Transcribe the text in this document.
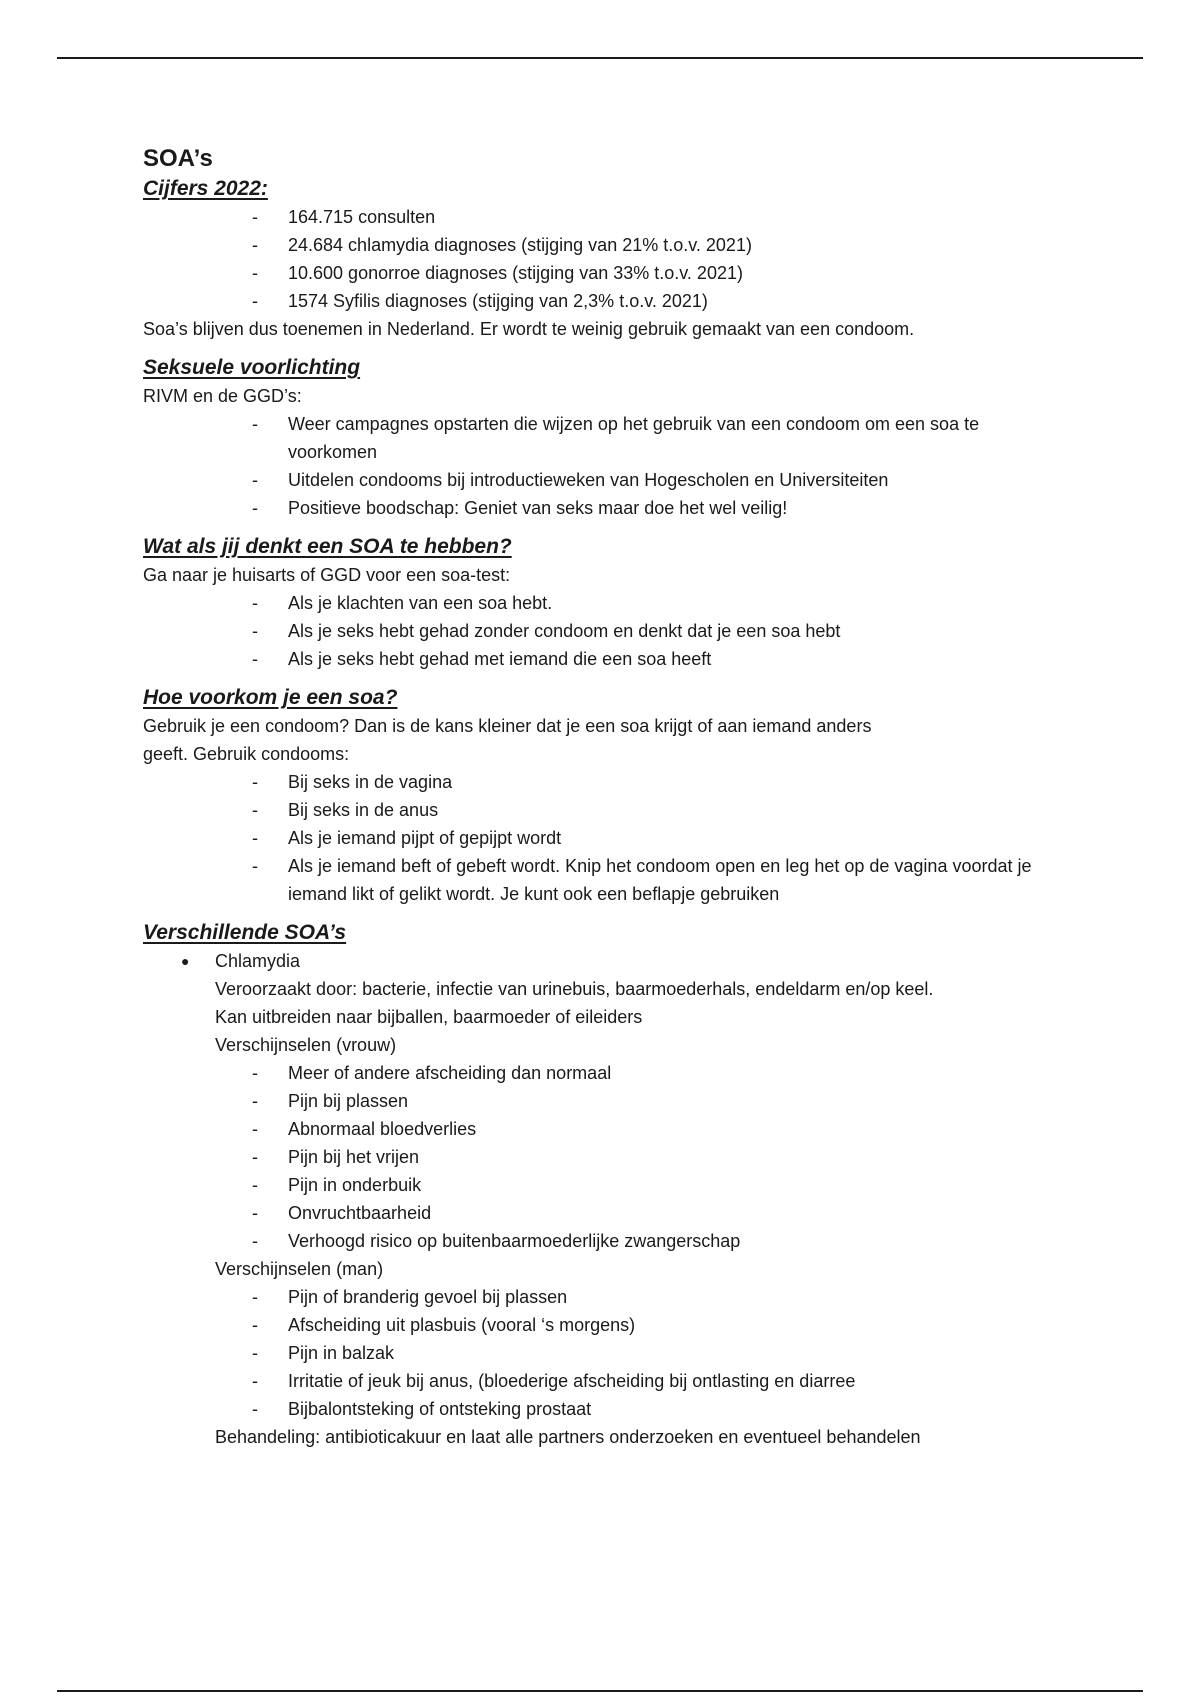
SOA’s
Cijfers 2022:
- 164.715 consulten
- 24.684 chlamydia diagnoses (stijging van 21% t.o.v. 2021)
- 10.600 gonorroe diagnoses (stijging van 33% t.o.v. 2021)
- 1574 Syfilis diagnoses (stijging van 2,3% t.o.v. 2021)

Soa’s blijven dus toenemen in Nederland. Er wordt te weinig gebruik gemaakt van een condoom.

Seksuele voorlichting

RIVM en de GGD’s:

- Weer campagnes opstarten die wijzen op het gebruik van een condoom om een soa te voorkomen
- Uitdelen condooms bij introductieweken van Hogescholen en Universiteiten
- Positieve boodschap: Geniet van seks maar doe het wel veilig!
Wat als jij denkt een SOA te hebben?

Ga naar je huisarts of GGD voor een soa-test:

- Als je klachten van een soa hebt.
- Als je seks hebt gehad zonder condoom en denkt dat je een soa hebt
- Als je seks hebt gehad met iemand die een soa heeft
Hoe voorkom je een soa?

Gebruik je een condoom? Dan is de kans kleiner dat je een soa krijgt of aan iemand anders

geeft. Gebruik condooms:

- Bij seks in de vagina
- Bij seks in de anus
- Als je iemand pijpt of gepijpt wordt
- Als je iemand beft of gebeft wordt. Knip het condoom open en leg het op de vagina voordat je iemand likt of gelikt wordt. Je kunt ook een beflapje gebruiken
Verschillende SOA’s
● Chlamydia

Veroorzaakt door: bacterie, infectie van urinebuis, baarmoederhals, endeldarm en/op keel.

Kan uitbreiden naar bijballen, baarmoeder of eileiders

Verschijnselen (vrouw)

- Meer of andere afscheiding dan normaal
- Pijn bij plassen
- Abnormaal bloedverlies
- Pijn bij het vrijen
- Pijn in onderbuik
- Onvruchtbaarheid
- Verhoogd risico op buitenbaarmoederlijke zwangerschap

Verschijnselen (man)

- Pijn of branderig gevoel bij plassen
- Afscheiding uit plasbuis (vooral ‘s morgens)
- Pijn in balzak
- Irritatie of jeuk bij anus, (bloederige afscheiding bij ontlasting en diarree
- Bijbalontsteking of ontsteking prostaat

Behandeling: antibioticakuur en laat alle partners onderzoeken en eventueel behandelen
